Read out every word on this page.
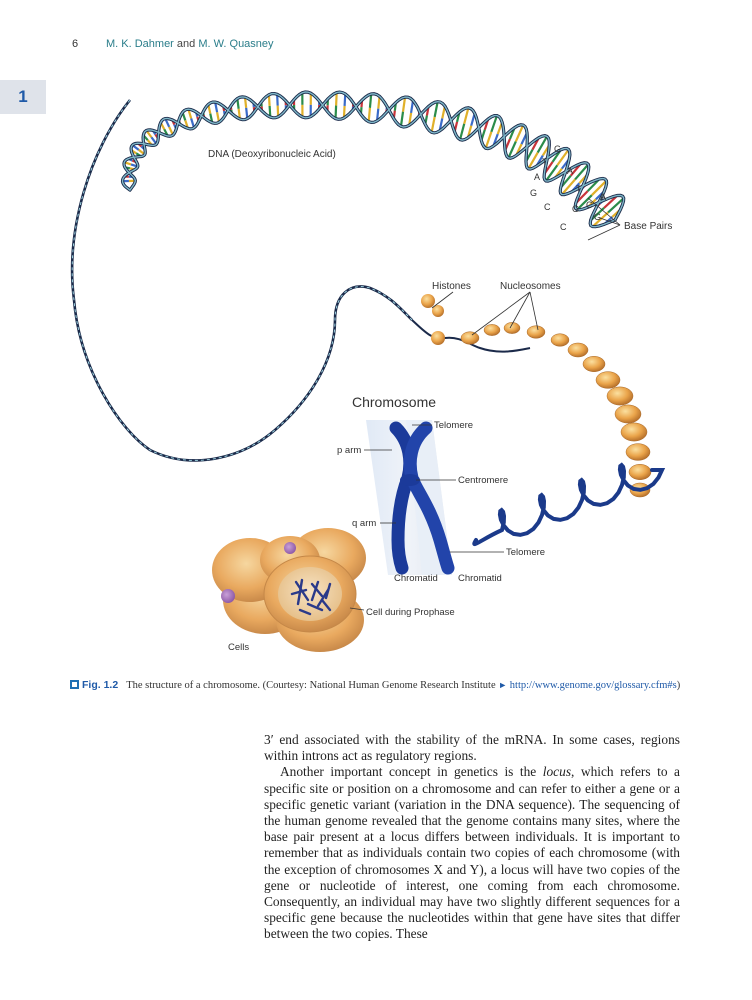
6	M. K. Dahmer and M. W. Quasney
1
T
A
G
C
C
G
A
T
C
G
G
A
Base Pairs
DNA (Deoxyribonucleic Acid)
Histones	Nucleosomes
Chromosome
Telomere
p arm
Centromere
q arm
Telomere
Chromatid Chromatid
Cell during Prophase
Cells
Fig. 1.2 The structure of a chromosome. (Courtesy: National Human Genome Research Institute ► http://www.genome.gov/glossary.cfm#s)

3′ end associated with the stability of the mRNA. In some cases, regions within introns act as regulatory regions.

Another important concept in genetics is the locus, which refers to a specific site or position on a chromosome and can refer to either a gene or a specific genetic variant (variation in the DNA sequence). The sequencing of the human genome revealed that the genome contains many sites, where the base pair present at a locus differs between individuals. It is important to remember that as individuals contain two copies of each chromosome (with the exception of chromosomes X and Y), a locus will have two copies of the gene or nucleotide of interest, one coming from each chromosome. Consequently, an individual may have two slightly different sequences for a specific gene because the nucleotides within that gene have sites that differ between the two copies. These
